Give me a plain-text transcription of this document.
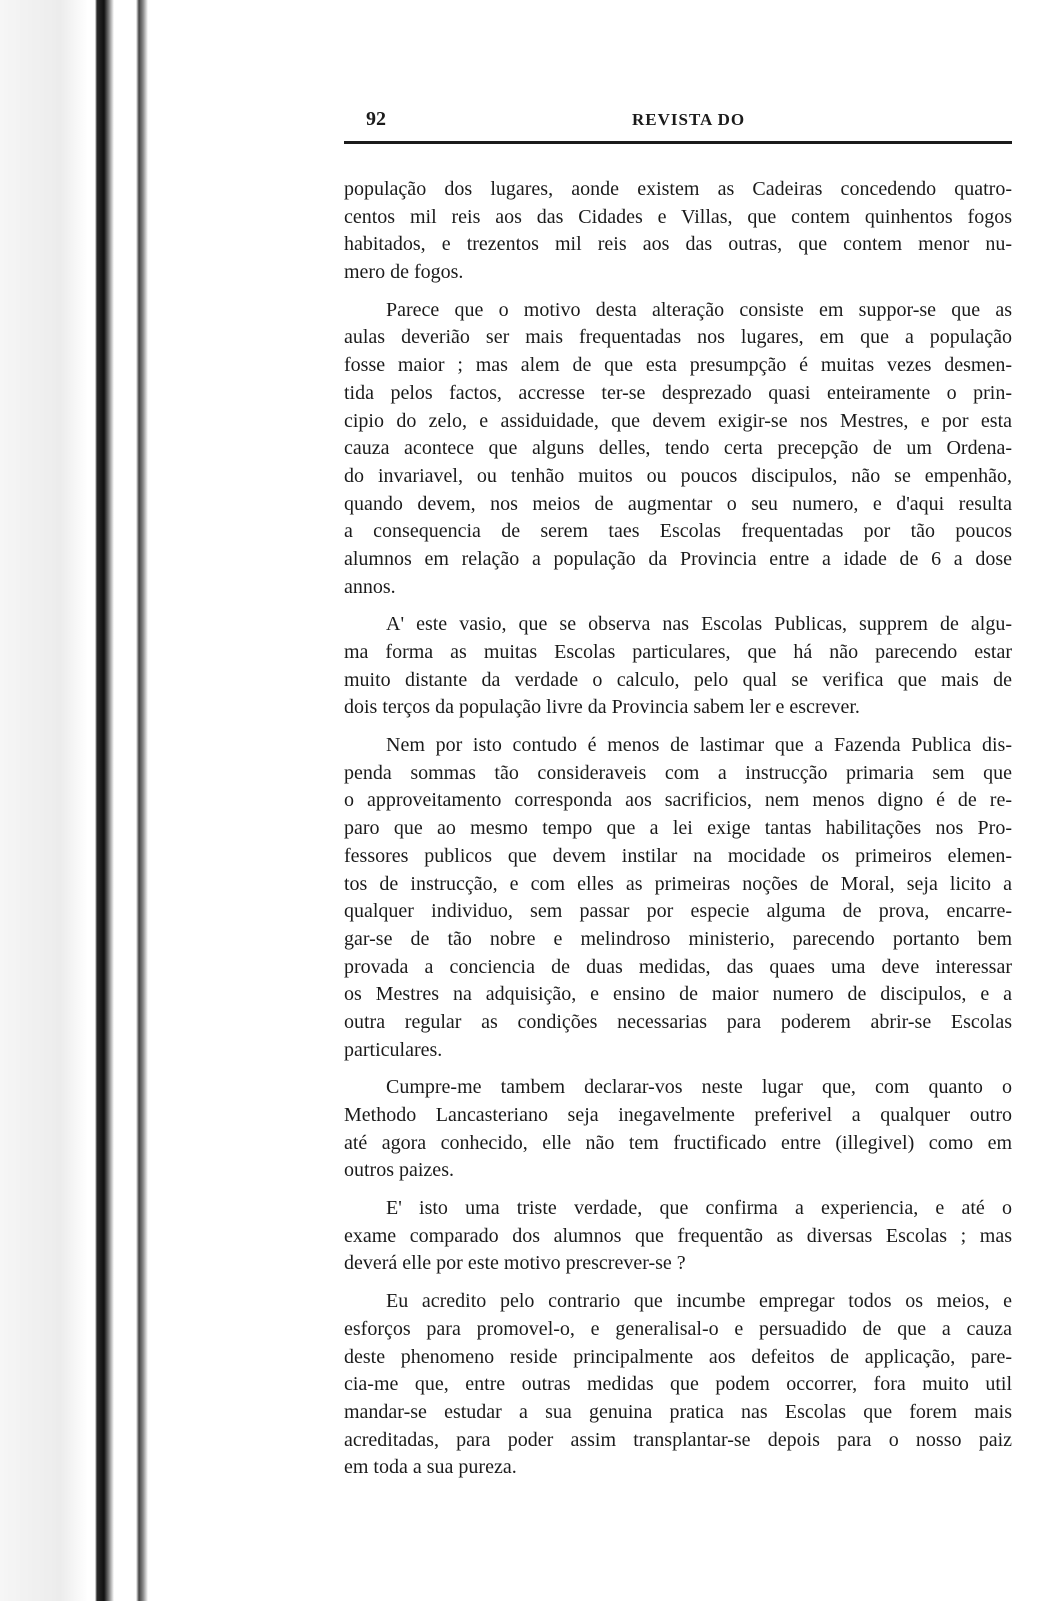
92	REVISTA DO
população dos lugares, aonde existem as Cadeiras concedendo quatro-
centos mil reis aos das Cidades e Villas, que contem quinhentos fogos
habitados, e trezentos mil reis aos das outras, que contem menor nu-
mero de fogos.
Parece que o motivo desta alteração consiste em suppor-se que as
aulas deverião ser mais frequentadas nos lugares, em que a população
fosse maior ; mas alem de que esta presumpção é muitas vezes desmen-
tida pelos factos, accresse ter-se desprezado quasi enteiramente o prin-
cipio do zelo, e assiduidade, que devem exigir-se nos Mestres, e por esta
cauza acontece que alguns delles, tendo certa precepção de um Ordena-
do invariavel, ou tenhão muitos ou poucos discipulos, não se empenhão,
quando devem, nos meios de augmentar o seu numero, e d'aqui resulta
a consequencia de serem taes Escolas frequentadas por tão poucos
alumnos em relação a população da Provincia entre a idade de 6 a dose
annos.
A' este vasio, que se observa nas Escolas Publicas, supprem de algu-
ma forma as muitas Escolas particulares, que há não parecendo estar
muito distante da verdade o calculo, pelo qual se verifica que mais de
dois terços da população livre da Provincia sabem ler e escrever.
Nem por isto contudo é menos de lastimar que a Fazenda Publica dis-
penda sommas tão consideraveis com a instrucção primaria sem que
o approveitamento corresponda aos sacrificios, nem menos digno é de re-
paro que ao mesmo tempo que a lei exige tantas habilitações nos Pro-
fessores publicos que devem instilar na mocidade os primeiros elemen-
tos de instrucção, e com elles as primeiras noções de Moral, seja licito a
qualquer individuo, sem passar por especie alguma de prova, encarre-
gar-se de tão nobre e melindroso ministerio, parecendo portanto bem
provada a conciencia de duas medidas, das quaes uma deve interessar
os Mestres na adquisição, e ensino de maior numero de discipulos, e a
outra regular as condições necessarias para poderem abrir-se Escolas
particulares.
Cumpre-me tambem declarar-vos neste lugar que, com quanto o
Methodo Lancasteriano seja inegavelmente preferivel a qualquer outro
até agora conhecido, elle não tem fructificado entre (illegivel) como em
outros paizes.
E' isto uma triste verdade, que confirma a experiencia, e até o
exame comparado dos alumnos que frequentão as diversas Escolas ; mas
deverá elle por este motivo prescrever-se ?
Eu acredito pelo contrario que incumbe empregar todos os meios, e
esforços para promovel-o, e generalisal-o e persuadido de que a cauza
deste phenomeno reside principalmente aos defeitos de applicação, pare-
cia-me que, entre outras medidas que podem occorrer, fora muito util
mandar-se estudar a sua genuina pratica nas Escolas que forem mais
acreditadas, para poder assim transplantar-se depois para o nosso paiz
em toda a sua pureza.
